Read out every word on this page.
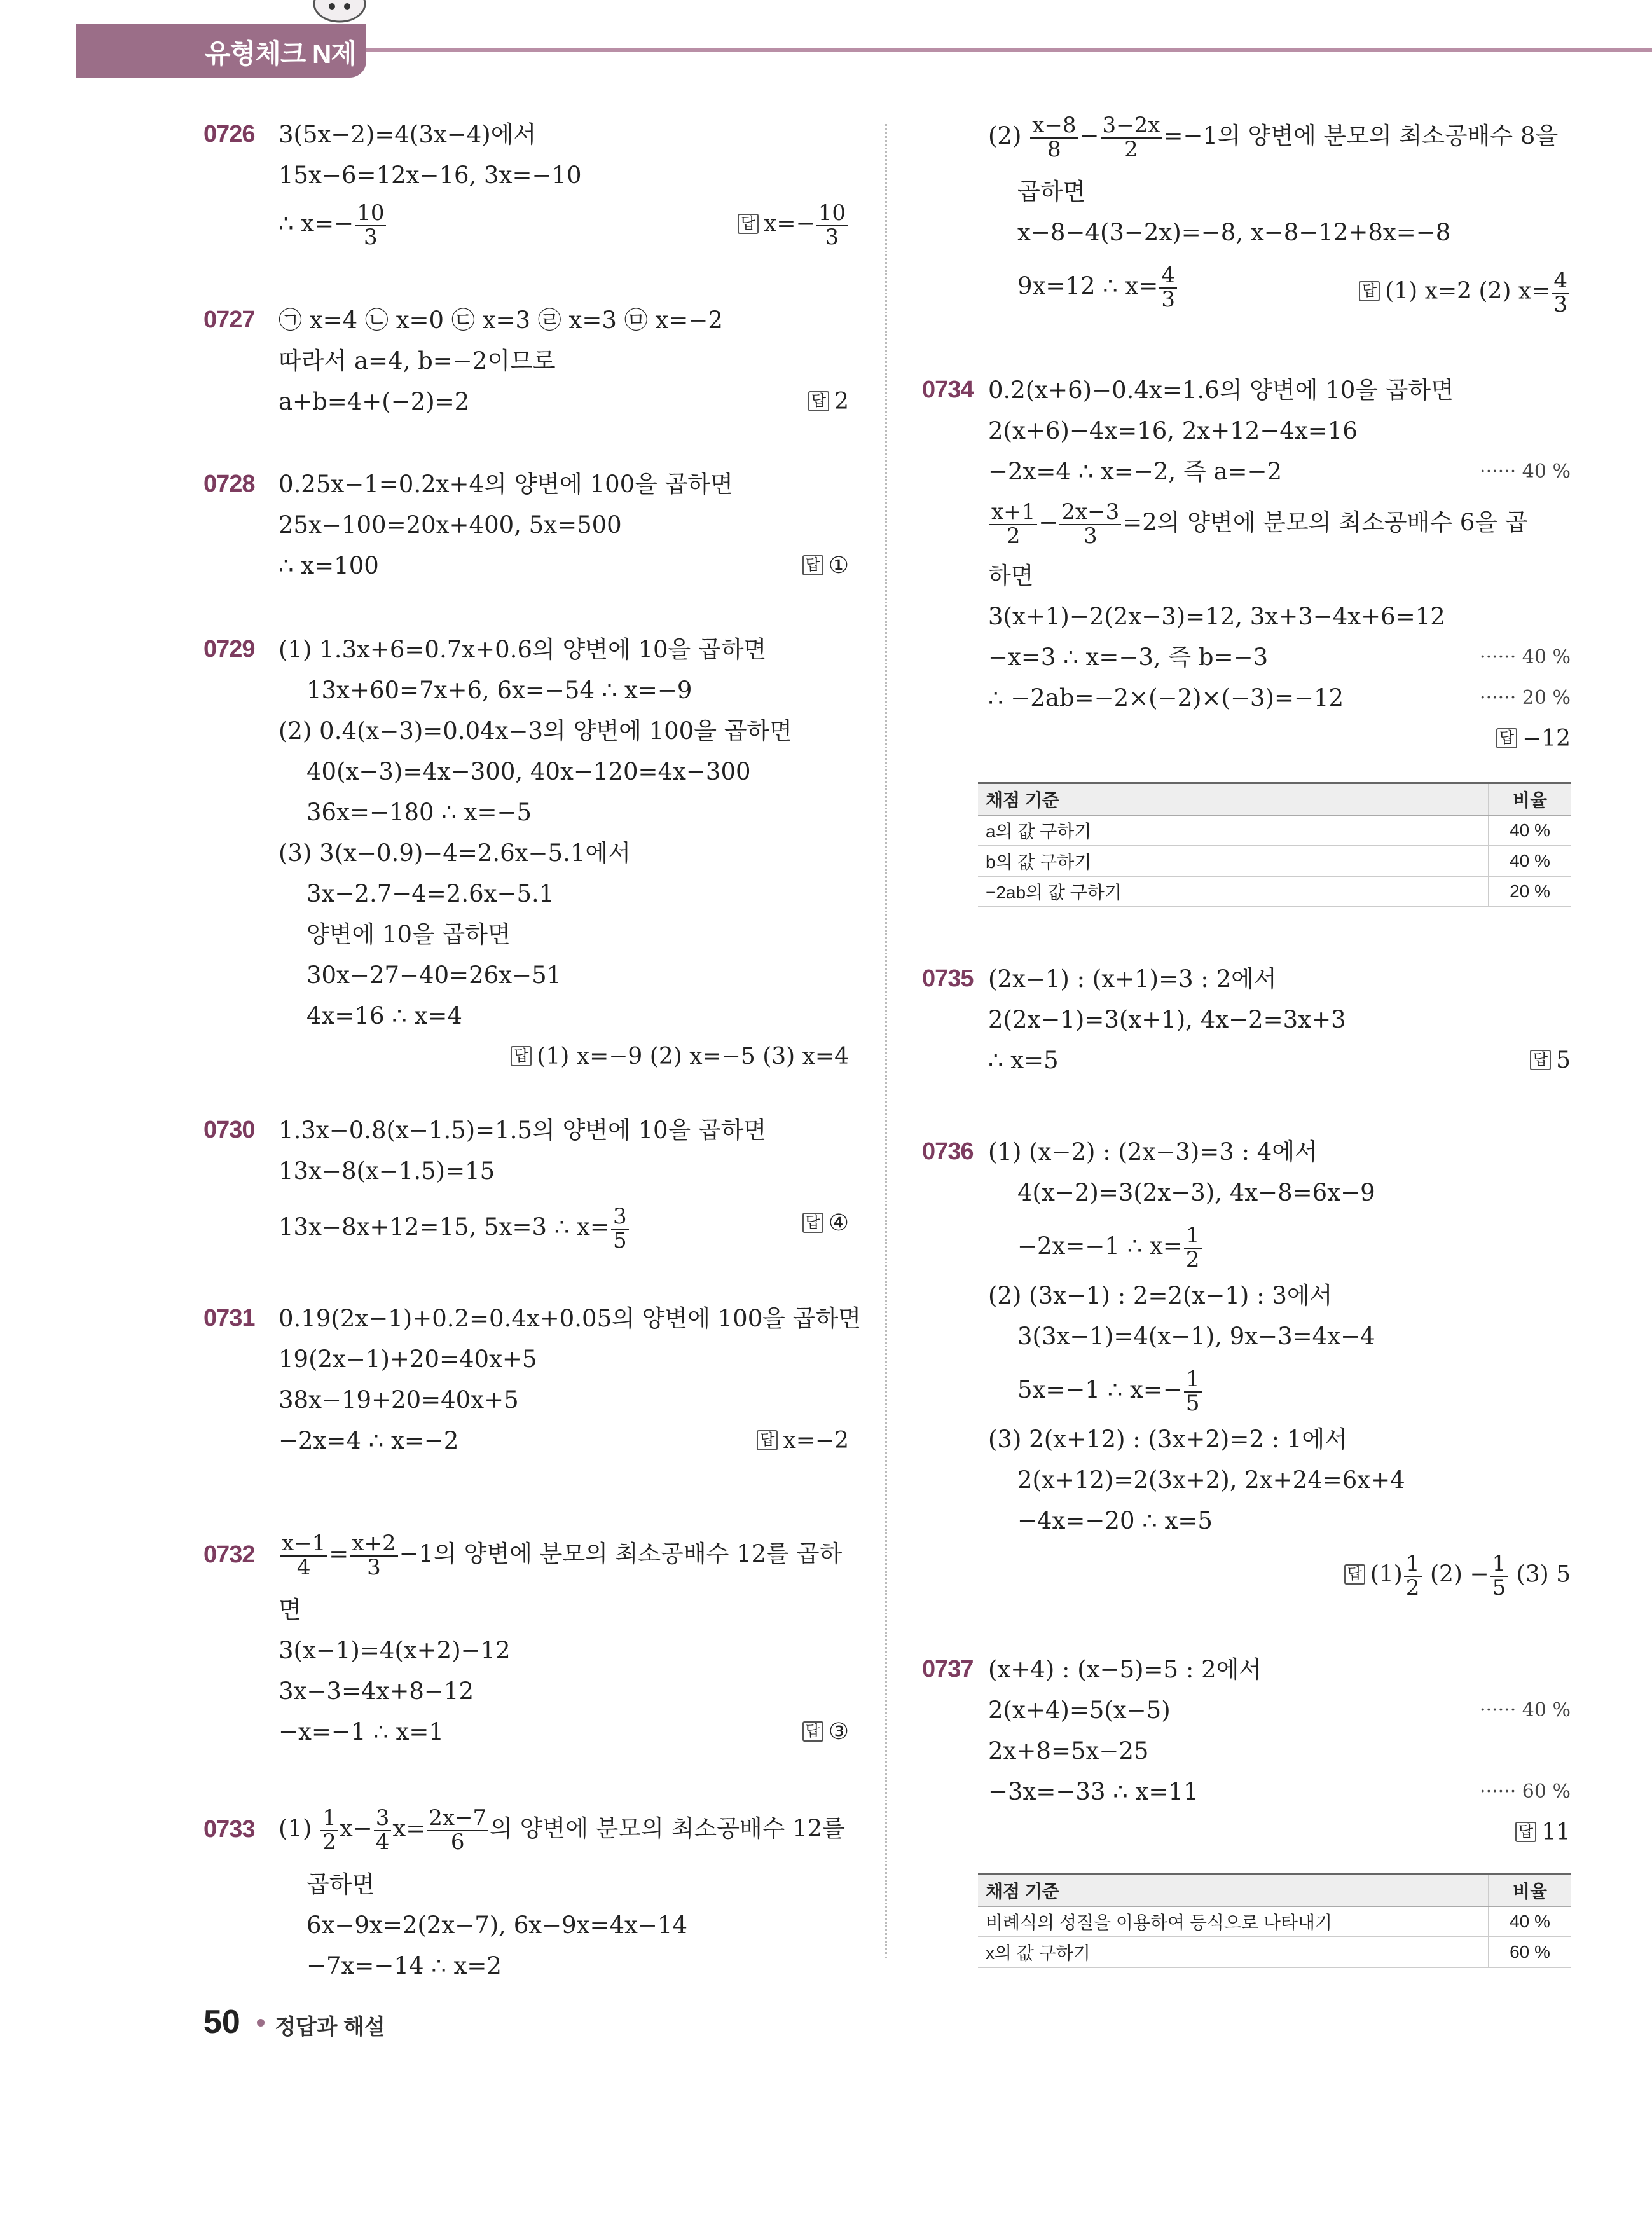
유형체크 N제
0726 3(5x−2)=4(3x−4)에서
15x−6=12x−16, 3x=−10
∴ $x=- \frac{10}{3}$	답 $x=- \frac{10}{3}$
0727 ㉠ x=4 ㉡ x=0 ㉢ x=3 ㉣ x=3 ㉤ x=−2
따라서 a=4, b=−2이므로
a+b=4+(−2)=2	답 2
0728 0.25x−1=0.2x+4의 양변에 100을 곱하면
25x−100=20x+400, 5x=500
∴ x=100	답 ①
0729 (1) 1.3x+6=0.7x+0.6의 양변에 10을 곱하면
13x+60=7x+6, 6x=−54 ∴ x=−9
(2) 0.4(x−3)=0.04x−3의 양변에 100을 곱하면
40(x−3)=4x−300, 40x−120=4x−300
36x=−180 ∴ x=−5
(3) 3(x−0.9)−4=2.6x−5.1에서
3x−2.7−4=2.6x−5.1
양변에 10을 곱하면
30x−27−40=26x−51
4x=16 ∴ x=4
답 (1) x=−9 (2) x=−5 (3) x=4
0730 1.3x−0.8(x−1.5)=1.5의 양변에 10을 곱하면
13x−8(x−1.5)=15
13x−8x+12=15, 5x=3 ∴ $x= \frac{3}{5}$	답 ④
0731 0.19(2x−1)+0.2=0.4x+0.05의 양변에 100을 곱하면
19(2x−1)+20=40x+5
38x−19+20=40x+5
−2x=4 ∴ x=−2	답 x=−2
$0732 \frac{x-1}{4} = \frac{x+2}{3} -1$의 양변에 분모의 최소공배수 12를 곱하
면
3(x−1)=4(x+2)−12
3x−3=4x+8−12
−x=−1 ∴ x=1	답 ③
0733 $(1) \frac{1}{2} x- \frac{3}{4} x= \frac{2x-7}{6}$ 의 양변에 분모의 최소공배수 12를
곱하면
6x−9x=2(2x−7), 6x−9x=4x−14
−7x=−14 ∴ x=2
$(2) \frac{x-8}{8} - \frac{3-2x}{2} =-1$의 양변에 분모의 최소공배수 8을
곱하면
x−8−4(3−2x)=−8, x−8−12+8x=−8
9x=12 ∴ $x= \frac{4}{3}$	답 (1) x=2 (2) $x= \frac{4}{3}$
0734 0.2(x+6)−0.4x=1.6의 양변에 10을 곱하면
2(x+6)−4x=16, 2x+12−4x=16
−2x=4 ∴ x=−2, 즉 a=−2	······ 40 %
$\frac{x+1}{2} - \frac{2x-3}{3} =2$의 양변에 분모의 최소공배수 6을 곱
하면
3(x+1)−2(2x−3)=12, 3x+3−4x+6=12
−x=3 ∴ x=−3, 즉 b=−3	······ 40 %
∴ −2ab=−2×(−2)×(−3)=−12	······ 20 %
답 −12
채점 기준	비율
a의 값 구하기	40 %
b의 값 구하기	40 %
−2ab의 값 구하기	20 %
0735 (2x−1) : (x+1)=3 : 2에서
2(2x−1)=3(x+1), 4x−2=3x+3
∴ x=5	답 5
0736 (1) (x−2) : (2x−3)=3 : 4에서
4(x−2)=3(2x−3), 4x−8=6x−9
−2x=−1 ∴ $x= \frac{1}{2}$
(2) (3x−1) : 2=2(x−1) : 3에서
3(3x−1)=4(x−1), 9x−3=4x−4
5x=−1 ∴ $x=- \frac{1}{5}$
(3) 2(x+12) : (3x+2)=2 : 1에서
2(x+12)=2(3x+2), 2x+24=6x+4
−4x=−20 ∴ x=5
답 $(1) \frac{1}{2} (2) - \frac{1}{5} (3)$ 5
0737 (x+4) : (x−5)=5 : 2에서
2(x+4)=5(x−5)	······ 40 %
2x+8=5x−25
−3x=−33 ∴ x=11	······ 60 %
답 11
채점 기준	비율
비례식의 성질을 이용하여 등식으로 나타내기	40 %
x의 값 구하기	60 %
50 정답과 해설
